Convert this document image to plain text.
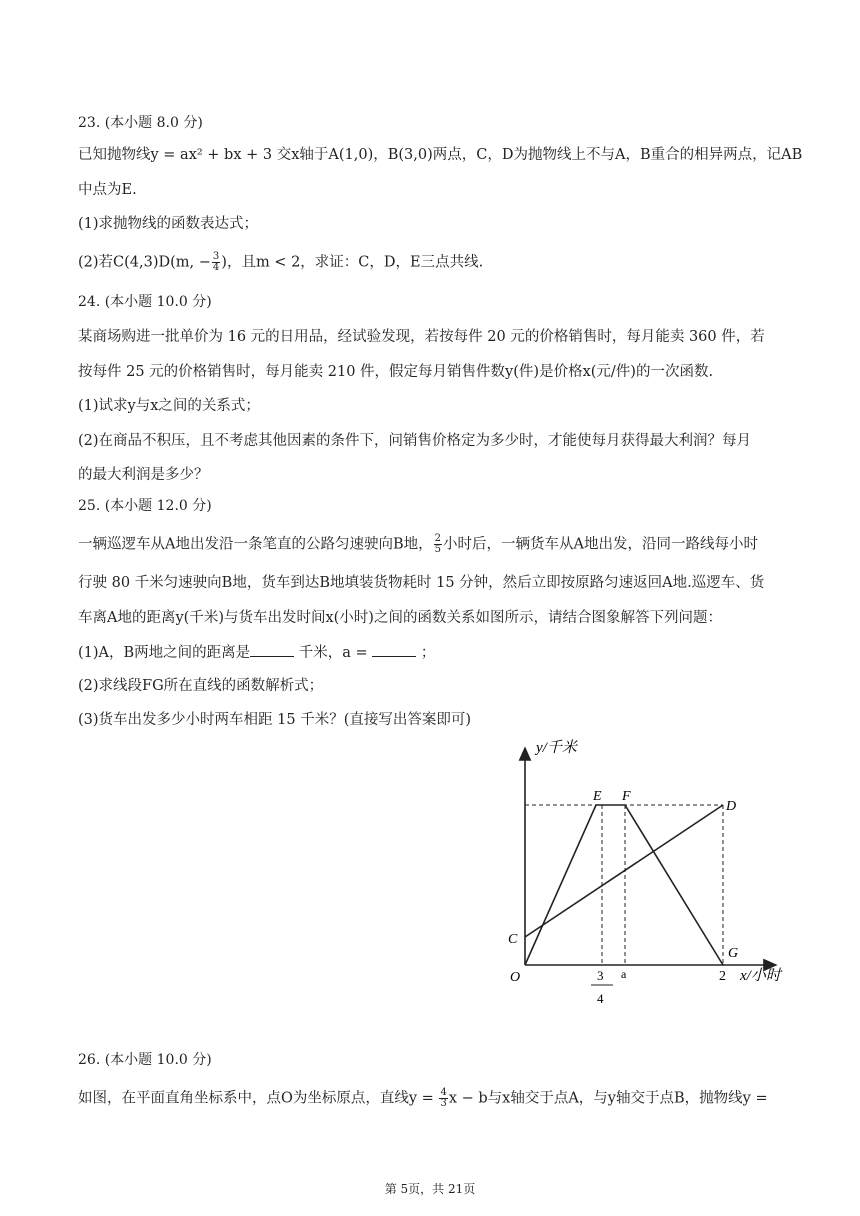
23. (本小题 8.0 分)
已知抛物线y = ax² + bx + 3 交x轴于A(1,0)，B(3,0)两点，C，D为抛物线上不与A，B重合的相异两点，记AB
中点为E.
(1)求抛物线的函数表达式；
(2)若C(4,3)D(m, − $\frac{3}{4}$ )，且m < 2，求证：C，D，E三点共线.
24. (本小题 10.0 分)
某商场购进一批单价为 16 元的日用品，经试验发现，若按每件 20 元的价格销售时，每月能卖 360 件，若
按每件 25 元的价格销售时，每月能卖 210 件，假定每月销售件数y(件)是价格x(元/件)的一次函数.
(1)试求y与x之间的关系式；
(2)在商品不积压，且不考虑其他因素的条件下，问销售价格定为多少时，才能使每月获得最大利润？每月
的最大利润是多少？
25. (本小题 12.0 分)
一辆巡逻车从A地出发沿一条笔直的公路匀速驶向B地， $\frac{2}{5}$ 小时后，一辆货车从A地出发，沿同一路线每小时
行驶 80 千米匀速驶向B地，货车到达B地填装货物耗时 15 分钟，然后立即按原路匀速返回A地.巡逻车、货
车离A地的距离y(千米)与货车出发时间x(小时)之间的函数关系如图所示，请结合图象解答下列问题：
(1)A，B两地之间的距离是	千米，a =	；
(2)求线段FG所在直线的函数解析式；
(3)货车出发多少小时两车相距 15 千米？(直接写出答案即可)
y/千米
x/小时
O
C
D
E F
G
3
4
a	2
26. (本小题 10.0 分)
如图，在平面直角坐标系中，点O为坐标原点，直线$y = \frac{4}{3}$ x − b与x轴交于点A，与y轴交于点B，抛物线y =
第 5页，共 21页
